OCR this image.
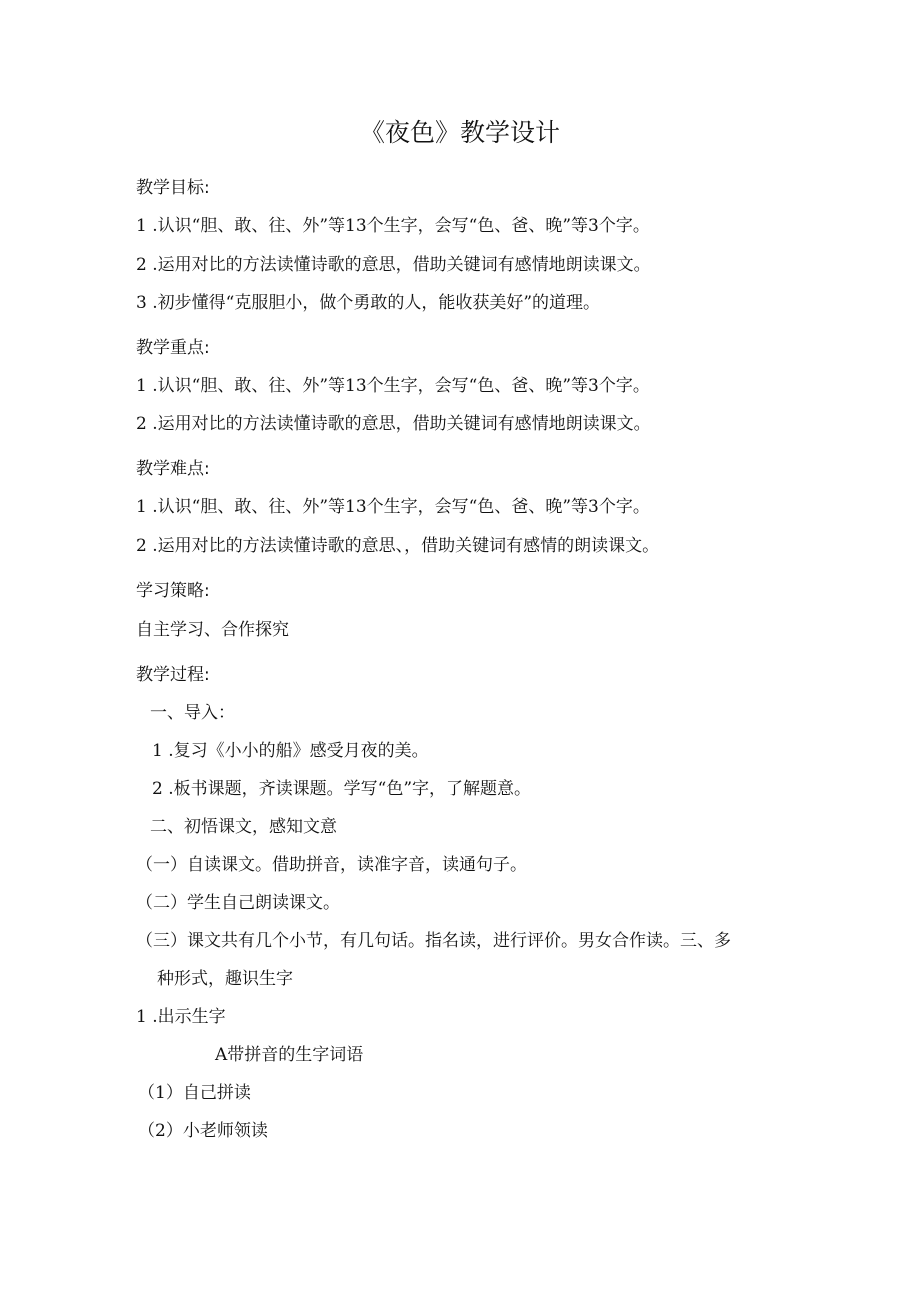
《夜色》教学设计
教学目标:
1 .认识“胆、敢、往、外”等13个生字，会写“色、爸、晚”等3个字。
2 .运用对比的方法读懂诗歌的意思，借助关键词有感情地朗读课文。
3 .初步懂得“克服胆小，做个勇敢的人，能收获美好”的道理。
教学重点:
1 .认识“胆、敢、往、外”等13个生字，会写“色、爸、晚”等3个字。
2 .运用对比的方法读懂诗歌的意思，借助关键词有感情地朗读课文。
教学难点:
1 .认识“胆、敢、往、外”等13个生字，会写“色、爸、晚”等3个字。
2 .运用对比的方法读懂诗歌的意思、，借助关键词有感情的朗读课文。
学习策略:
自主学习、合作探究
教学过程:
一、导入：
1 .复习《小小的船》感受月夜的美。
2 .板书课题，齐读课题。学写“色”字，了解题意。
二、初悟课文，感知文意
（一）自读课文。借助拼音，读准字音，读通句子。
（二）学生自己朗读课文。
（三）课文共有几个小节，有几句话。指名读，进行评价。男女合作读。三、多
种形式，趣识生字
1 .出示生字
A带拼音的生字词语
（1）自己拼读
（2）小老师领读
